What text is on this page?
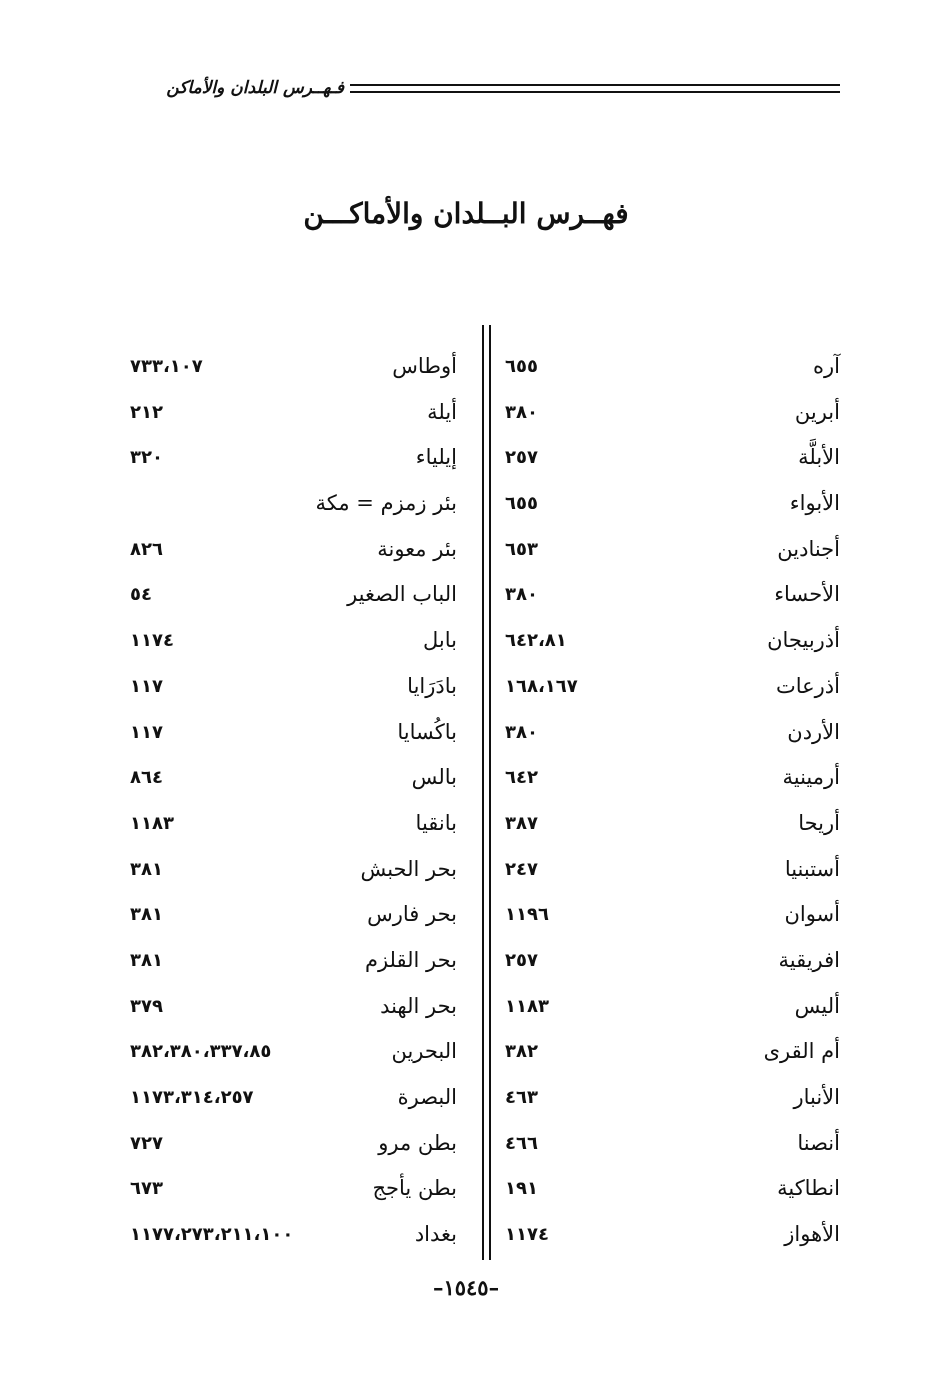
فـهــرس البلدان والأماكن
فهــرس البــلدان والأماكـــن
آره
٦٥٥
أبرين
٣٨٠
الأبلَّة
٢٥٧
الأبواء
٦٥٥
أجنادين
٦٥٣
الأحساء
٣٨٠
أذربيجان
٦٤٢،٨١
أذرعات
١٦٨،١٦٧
الأردن
٣٨٠
أرمينية
٦٤٢
أريحا
٣٨٧
أستبنيا
٢٤٧
أسوان
١١٩٦
افريقية
٢٥٧
أليس
١١٨٣
أم القرى
٣٨٢
الأنبار
٤٦٣
أنصنا
٤٦٦
انطاكية
١٩١
الأهواز
١١٧٤
أوطاس
٧٣٣،١٠٧
أيلة
٢١٢
إيلياء
٣٢٠
بئر زمزم = مكة
بئر معونة
٨٢٦
الباب الصغير
٥٤
بابل
١١٧٤
بادَرَايا
١١٧
باكُسايا
١١٧
بالس
٨٦٤
بانقيا
١١٨٣
بحر الحبش
٣٨١
بحر فارس
٣٨١
بحر القلزم
٣٨١
بحر الهند
٣٧٩
البحرين
٣٨٢،٣٨٠،٣٣٧،٨٥
البصرة
١١٧٣،٣١٤،٢٥٧
بطن مرو
٧٢٧
بطن يأجج
٦٧٣
بغداد
١١٧٧،٢٧٣،٢١١،١٠٠
–١٥٤٥–
